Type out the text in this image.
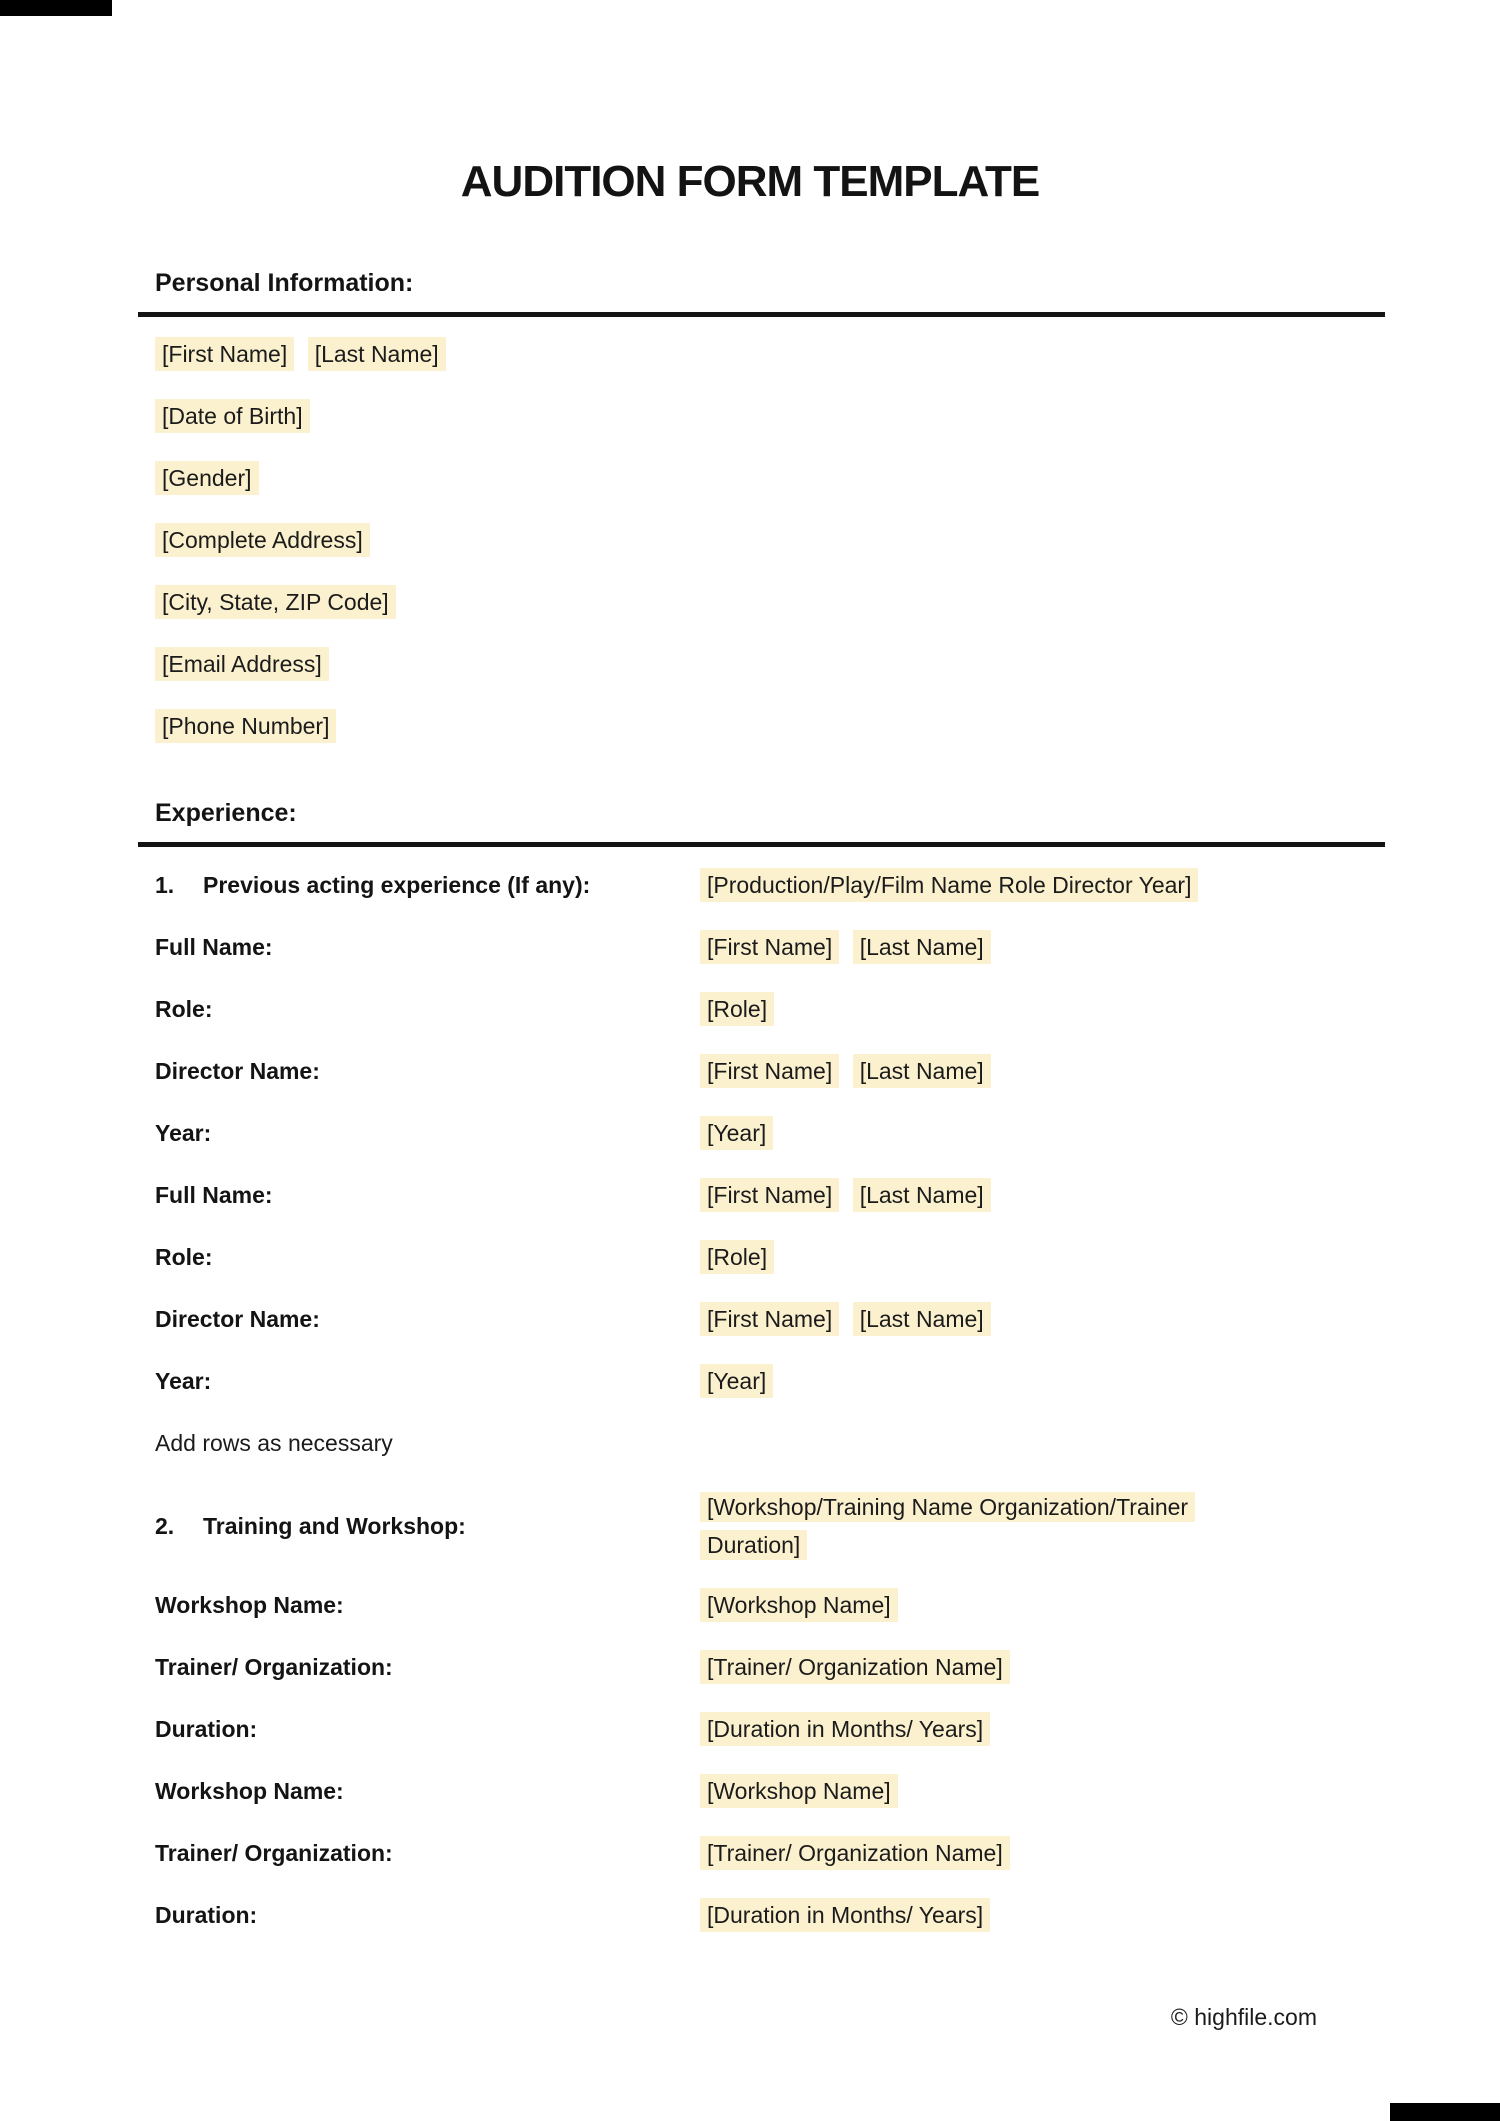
AUDITION FORM TEMPLATE
Personal Information:
[First Name] [Last Name]
[Date of Birth]
[Gender]
[Complete Address]
[City, State, ZIP Code]
[Email Address]
[Phone Number]
Experience:
1. Previous acting experience (If any):	[Production/Play/Film Name Role Director Year]
Full Name:	[First Name] [Last Name]
Role:	[Role]
Director Name:	[First Name] [Last Name]
Year:	[Year]
Full Name:	[First Name] [Last Name]
Role:	[Role]
Director Name:	[First Name] [Last Name]
Year:	[Year]
Add rows as necessary
2. Training and Workshop:
[Workshop/Training Name Organization/Trainer Duration]
Workshop Name:	[Workshop Name]
Trainer/ Organization:	[Trainer/ Organization Name]
Duration:	[Duration in Months/ Years]
Workshop Name:	[Workshop Name]
Trainer/ Organization:	[Trainer/ Organization Name]
Duration:	[Duration in Months/ Years]
© highfile.com
